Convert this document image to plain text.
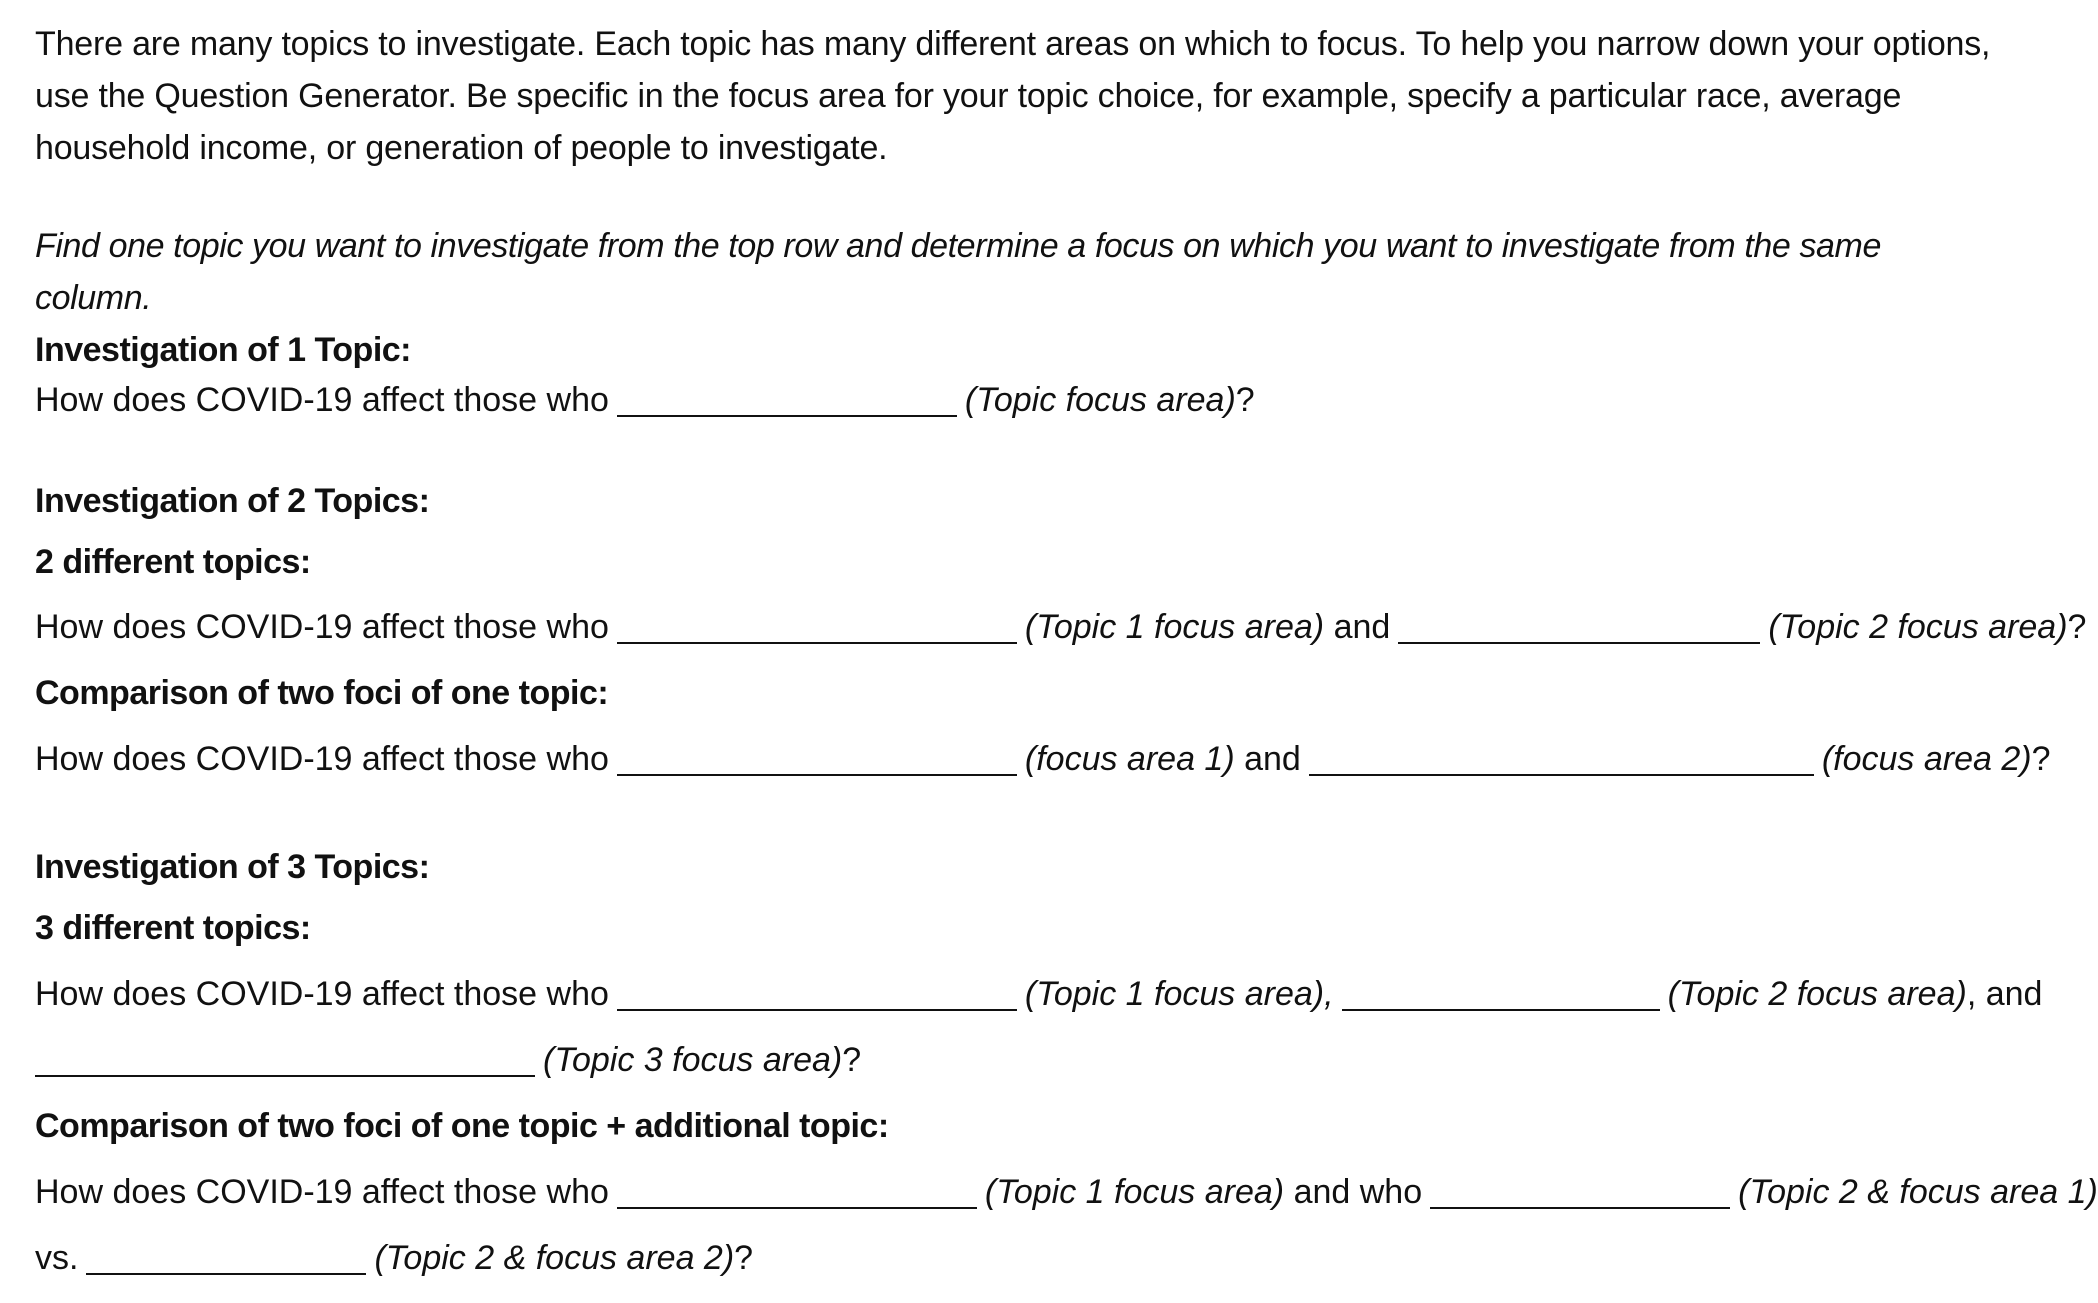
There are many topics to investigate. Each topic has many different areas on which to focus. To help you narrow down your options, use the Question Generator. Be specific in the focus area for your topic choice, for example, specify a particular race, average household income, or generation of people to investigate.

Find one topic you want to investigate from the top row and determine a focus on which you want to investigate from the same column.

Investigation of 1 Topic:
How does COVID-19 affect those who	(Topic focus area)?
Investigation of 2 Topics:
2 different topics:
How does COVID-19 affect those who	(Topic 1 focus area) and	(Topic 2 focus area)?
Comparison of two foci of one topic:
How does COVID-19 affect those who	(focus area 1) and	(focus area 2)?
Investigation of 3 Topics:
3 different topics:
How does COVID-19 affect those who	(Topic 1 focus area),	(Topic 2 focus area), and
(Topic 3 focus area)?
Comparison of two foci of one topic + additional topic:
How does COVID-19 affect those who	(Topic 1 focus area) and who	(Topic 2 & focus area 1)
vs.	(Topic 2 & focus area 2)?
